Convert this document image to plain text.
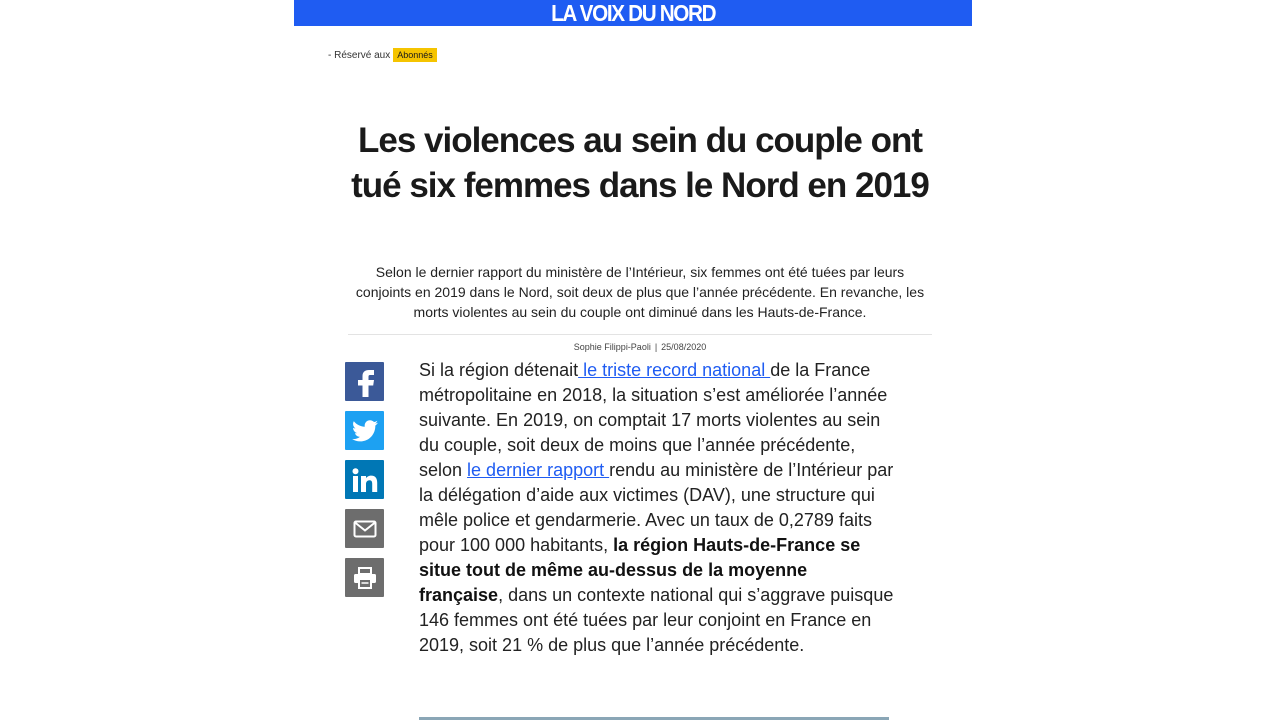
LA VOIX DU NORD
- Réservé aux Abonnés
Les violences au sein du couple ont tué six femmes dans le Nord en 2019

Selon le dernier rapport du ministère de l’Intérieur, six femmes ont été tuées par leurs conjoints en 2019 dans le Nord, soit deux de plus que l’année précédente. En revanche, les morts violentes au sein du couple ont diminué dans les Hauts-de-France.

Sophie Filippi-Paoli | 25/08/2020

Si la région détenait le triste record national de la France métropolitaine en 2018, la situation s’est améliorée l’année suivante. En 2019, on comptait 17 morts violentes au sein du couple, soit deux de moins que l’année précédente, selon le dernier rapport rendu au ministère de l’Intérieur par la délégation d’aide aux victimes (DAV), une structure qui mêle police et gendarmerie. Avec un taux de 0,2789 faits pour 100 000 habitants, la région Hauts-de-France se situe tout de même au-dessus de la moyenne française, dans un contexte national qui s’aggrave puisque 146 femmes ont été tuées par leur conjoint en France en 2019, soit 21 % de plus que l’année précédente.
